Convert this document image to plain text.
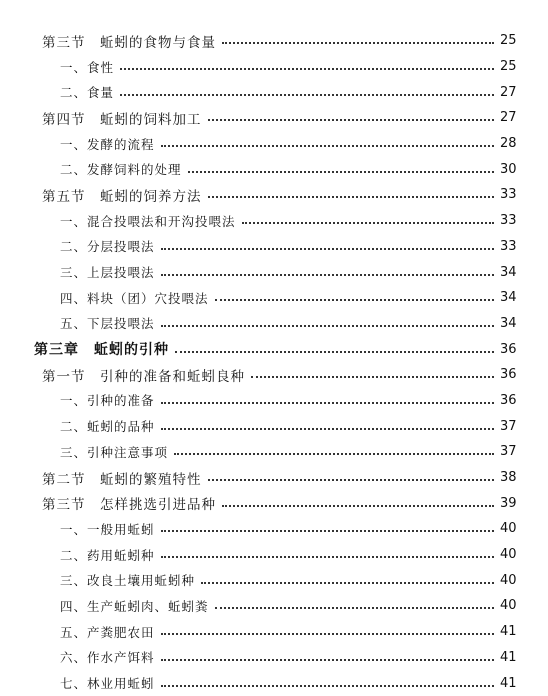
第三节　蚯蚓的食物与食量	25
一、食性	25
二、食量	27
第四节　蚯蚓的饲料加工	27
一、发酵的流程	28
二、发酵饲料的处理	30
第五节　蚯蚓的饲养方法	33
一、混合投喂法和开沟投喂法	33
二、分层投喂法	33
三、上层投喂法	34
四、料块（团）穴投喂法	34
五、下层投喂法	34
第三章　蚯蚓的引种	36
第一节　引种的准备和蚯蚓良种	36
一、引种的准备	36
二、蚯蚓的品种	37
三、引种注意事项	37
第二节　蚯蚓的繁殖特性	38
第三节　怎样挑选引进品种	39
一、一般用蚯蚓	40
二、药用蚯蚓种	40
三、改良土壤用蚯蚓种	40
四、生产蚯蚓肉、蚯蚓粪	40
五、产粪肥农田	41
六、作水产饵料	41
七、林业用蚯蚓	41
